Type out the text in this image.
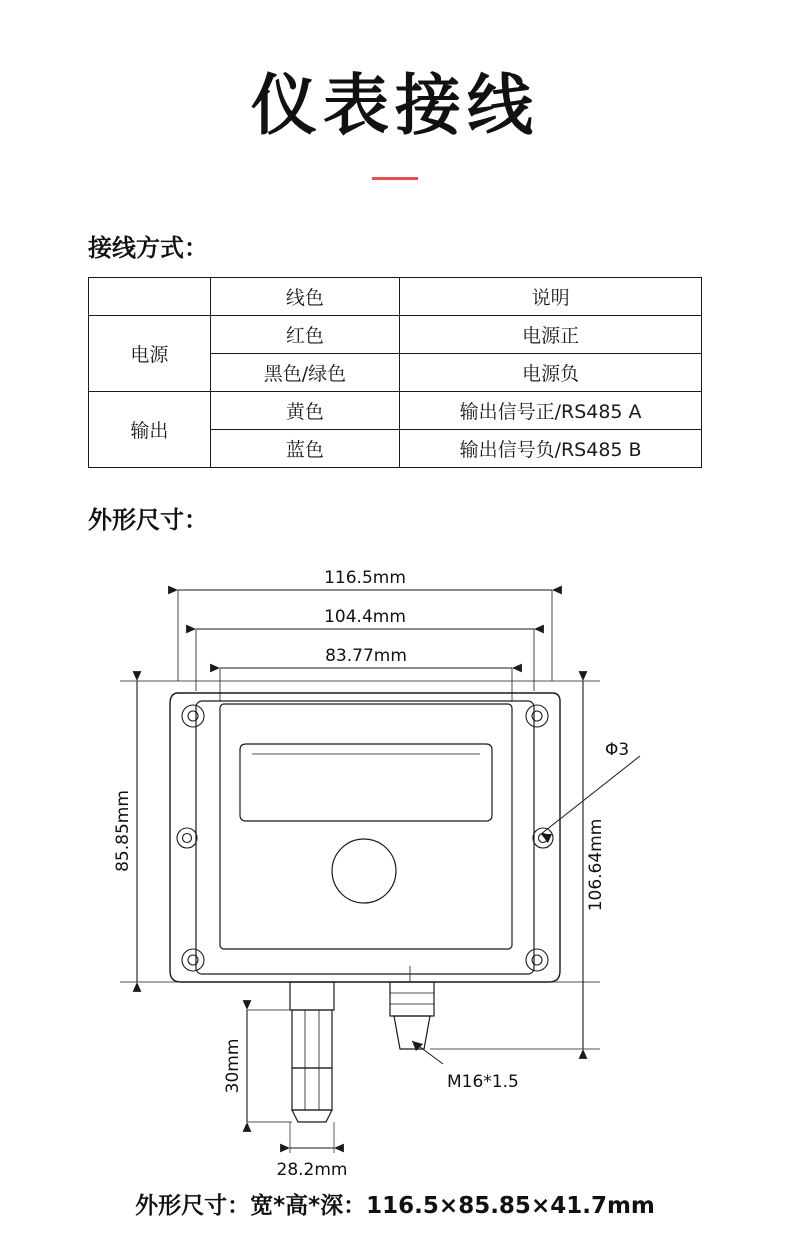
仪表接线
接线方式：
	线色	说明
电源	红色	电源正
	黑色/绿色	电源负
输出	黄色	输出信号正/RS485 A
	蓝色	输出信号负/RS485 B
外形尺寸：
116.5mm
104.4mm
83.77mm
Φ3
M16*1.5
28.2mm
85.85mm	106.64mm
30mm
外形尺寸：宽*高*深：116.5×85.85×41.7mm
